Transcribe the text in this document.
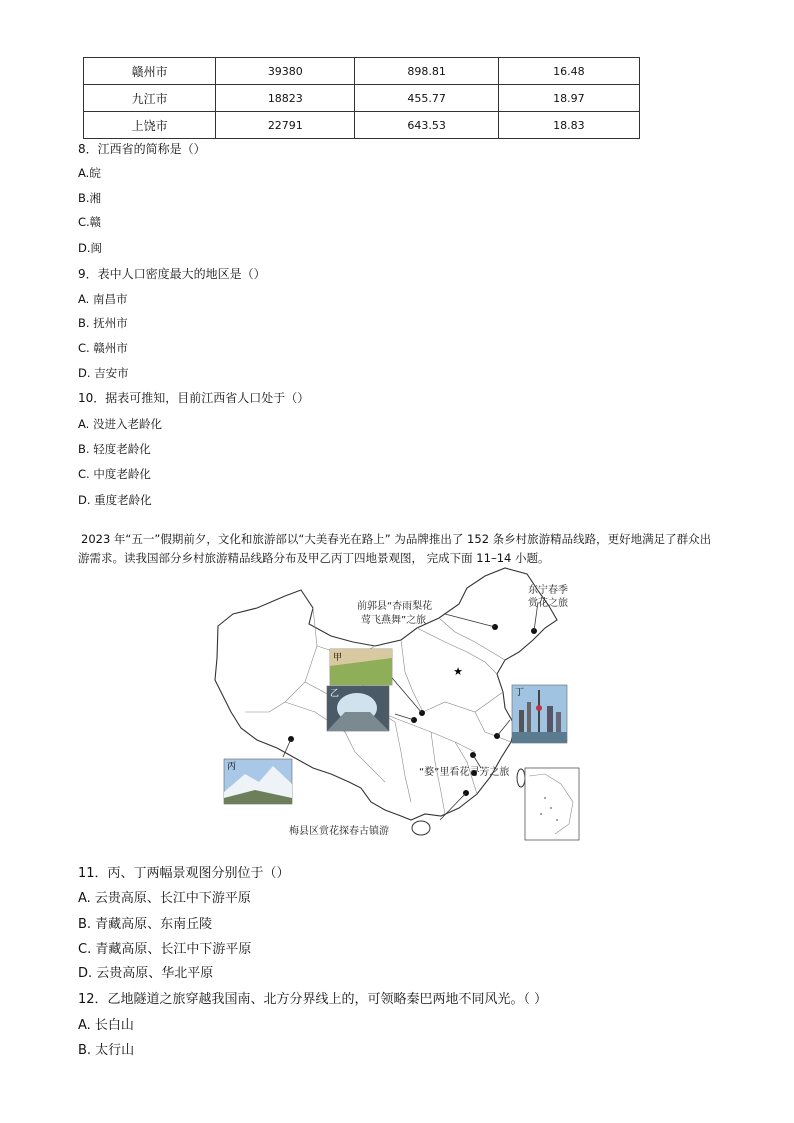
赣州市	39380	898.81	16.48
九江市	18823	455.77	18.97
上饶市	22791	643.53	18.83
8．江西省的简称是（）
A.皖
B.湘
C.赣
D.闽
9．表中人口密度最大的地区是（）
A. 南昌市
B. 抚州市
C. 赣州市
D. 吉安市
10．据表可推知，目前江西省人口处于（）
A. 没进入老龄化
B. 轻度老龄化
C. 中度老龄化
D. 重度老龄化
2023 年“五一”假期前夕，文化和旅游部以“大美春光在路上” 为品牌推出了 152 条乡村旅游精品线路，更好地满足了群众出游需求。读我国部分乡村旅游精品线路分布及甲乙丙丁四地景观图， 完成下面 11–14 小题。
★
甲
乙
丙
丁
前郭县“杏雨梨花
莺飞燕舞”之旅
东宁春季
赏花之旅
“婺”里看花寻芳之旅
梅县区赏花探春古镇游
11．丙、丁两幅景观图分别位于（）
A. 云贵高原、长江中下游平原
B. 青藏高原、东南丘陵
C. 青藏高原、长江中下游平原
D. 云贵高原、华北平原
12．乙地隧道之旅穿越我国南、北方分界线上的，可领略秦巴两地不同风光。（ ）
A. 长白山
B. 太行山
